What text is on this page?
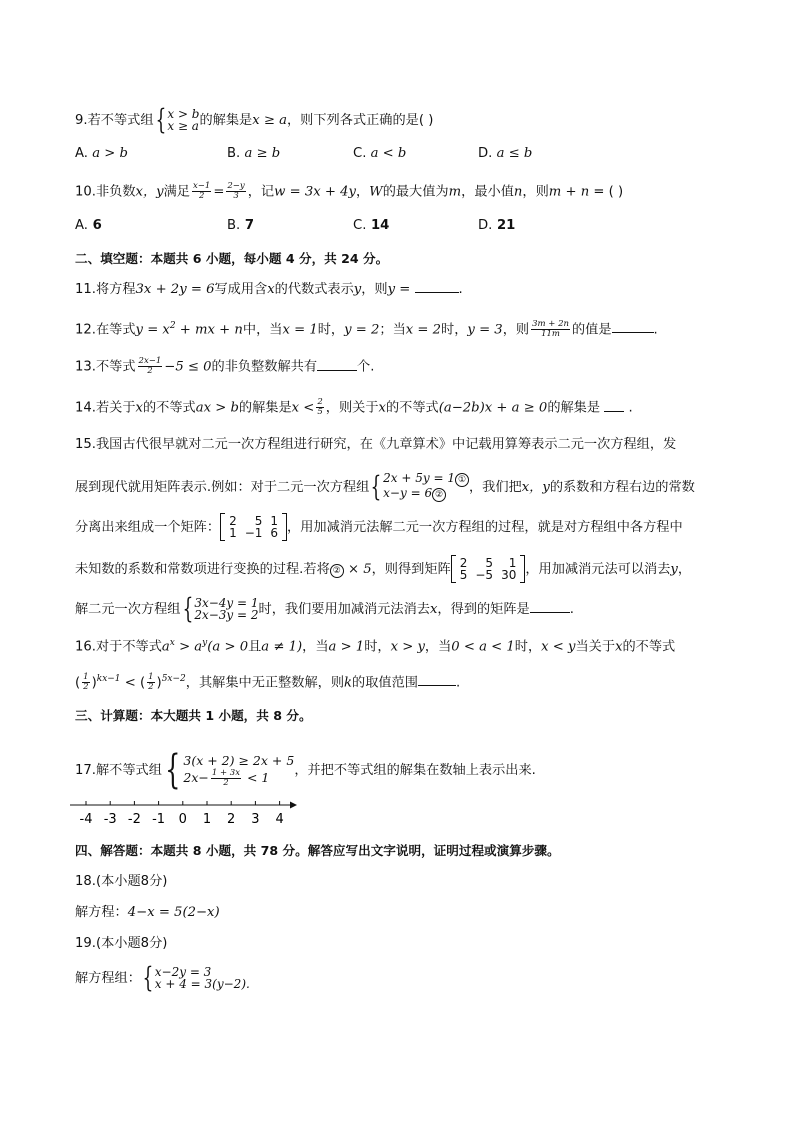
9.若不等式组 { x > b
x ≥ a 的解集是x ≥ a，则下列各式正确的是( )
A. a > b	B. a ≥ b	C. a < b	D. a ≤ b
10.非负数x，y满足 $\frac{x-1}{2} = \frac{2-y}{3}$ ，记w = 3x + 4y，W的最大值为m，最小值n，则m + n = ( )
A. 6	B. 7	C. 14	D. 21
二、填空题：本题共 6 小题，每小题 4 分，共 24 分。
11.将方程3x + 2y = 6写成用含x的代数式表示y，则y =	.
12.在等式$y = x^2$ + mx + n中，当x = 1时，y = 2；当x = 2时，y = 3，则 $\frac{3m + 2n}{11m}$ 的值是	.
13.不等式 $\frac{2x-1}{2} -5 \le 0$的非负整数解共有	个.
14.若关于x的不等式ax > b的解集是$x < \frac{2}{5}$ ，则关于x的不等式(a−2b)x + a ≥ 0的解集是 .
15.我国古代很早就对二元一次方程组进行研究，在《九章算术》中记载用算筹表示二元一次方程组，发
展到现代就用矩阵表示.例如：对于二元一次方程组 { 2x + 5y = 1 ①
x−y = 6 ②	，我们把x，y的系数和方程右边的常数
分离出来组成一个矩阵： 2	5	1
1	−1	6 ，用加减消元法解二元一次方程组的过程，就是对方程组中各方程中
未知数的系数和常数项进行变换的过程.若将 ② × 5，则得到矩阵 2	5	1
5	−5	30 ，用加减消元法可以消去y，
解二元一次方程组 { 3x−4y = 1
2x−3y = 2 时，我们要用加减消元法消去x，得到的矩阵是	.
16.对于不等式$a^x > a^y(a > 0$且a ≠ 1)，当a > 1时，x > y，当0 < a < 1时，x < y当关于x的不等式
( $\frac{1}{2} )^{kx-1}$ < ( $\frac{1}{2} )^{5x-2}$，其解集中无正整数解，则k的取值范围	.
三、计算题：本大题共 1 小题，共 8 分。
17.解不等式组 { 3(x + 2) ≥ 2x + 5
$2x- \frac{1 + 3x}{2} < 1$	，并把不等式组的解集在数轴上表示出来.
-4 -3 -2 -1 0 1 2 3 4
四、解答题：本题共 8 小题，共 78 分。解答应写出文字说明，证明过程或演算步骤。
18.(本小题8分)
解方程：4−x = 5(2−x)
19.(本小题8分)
解方程组： { x−2y = 3
x + 4 = 3(y−2).
